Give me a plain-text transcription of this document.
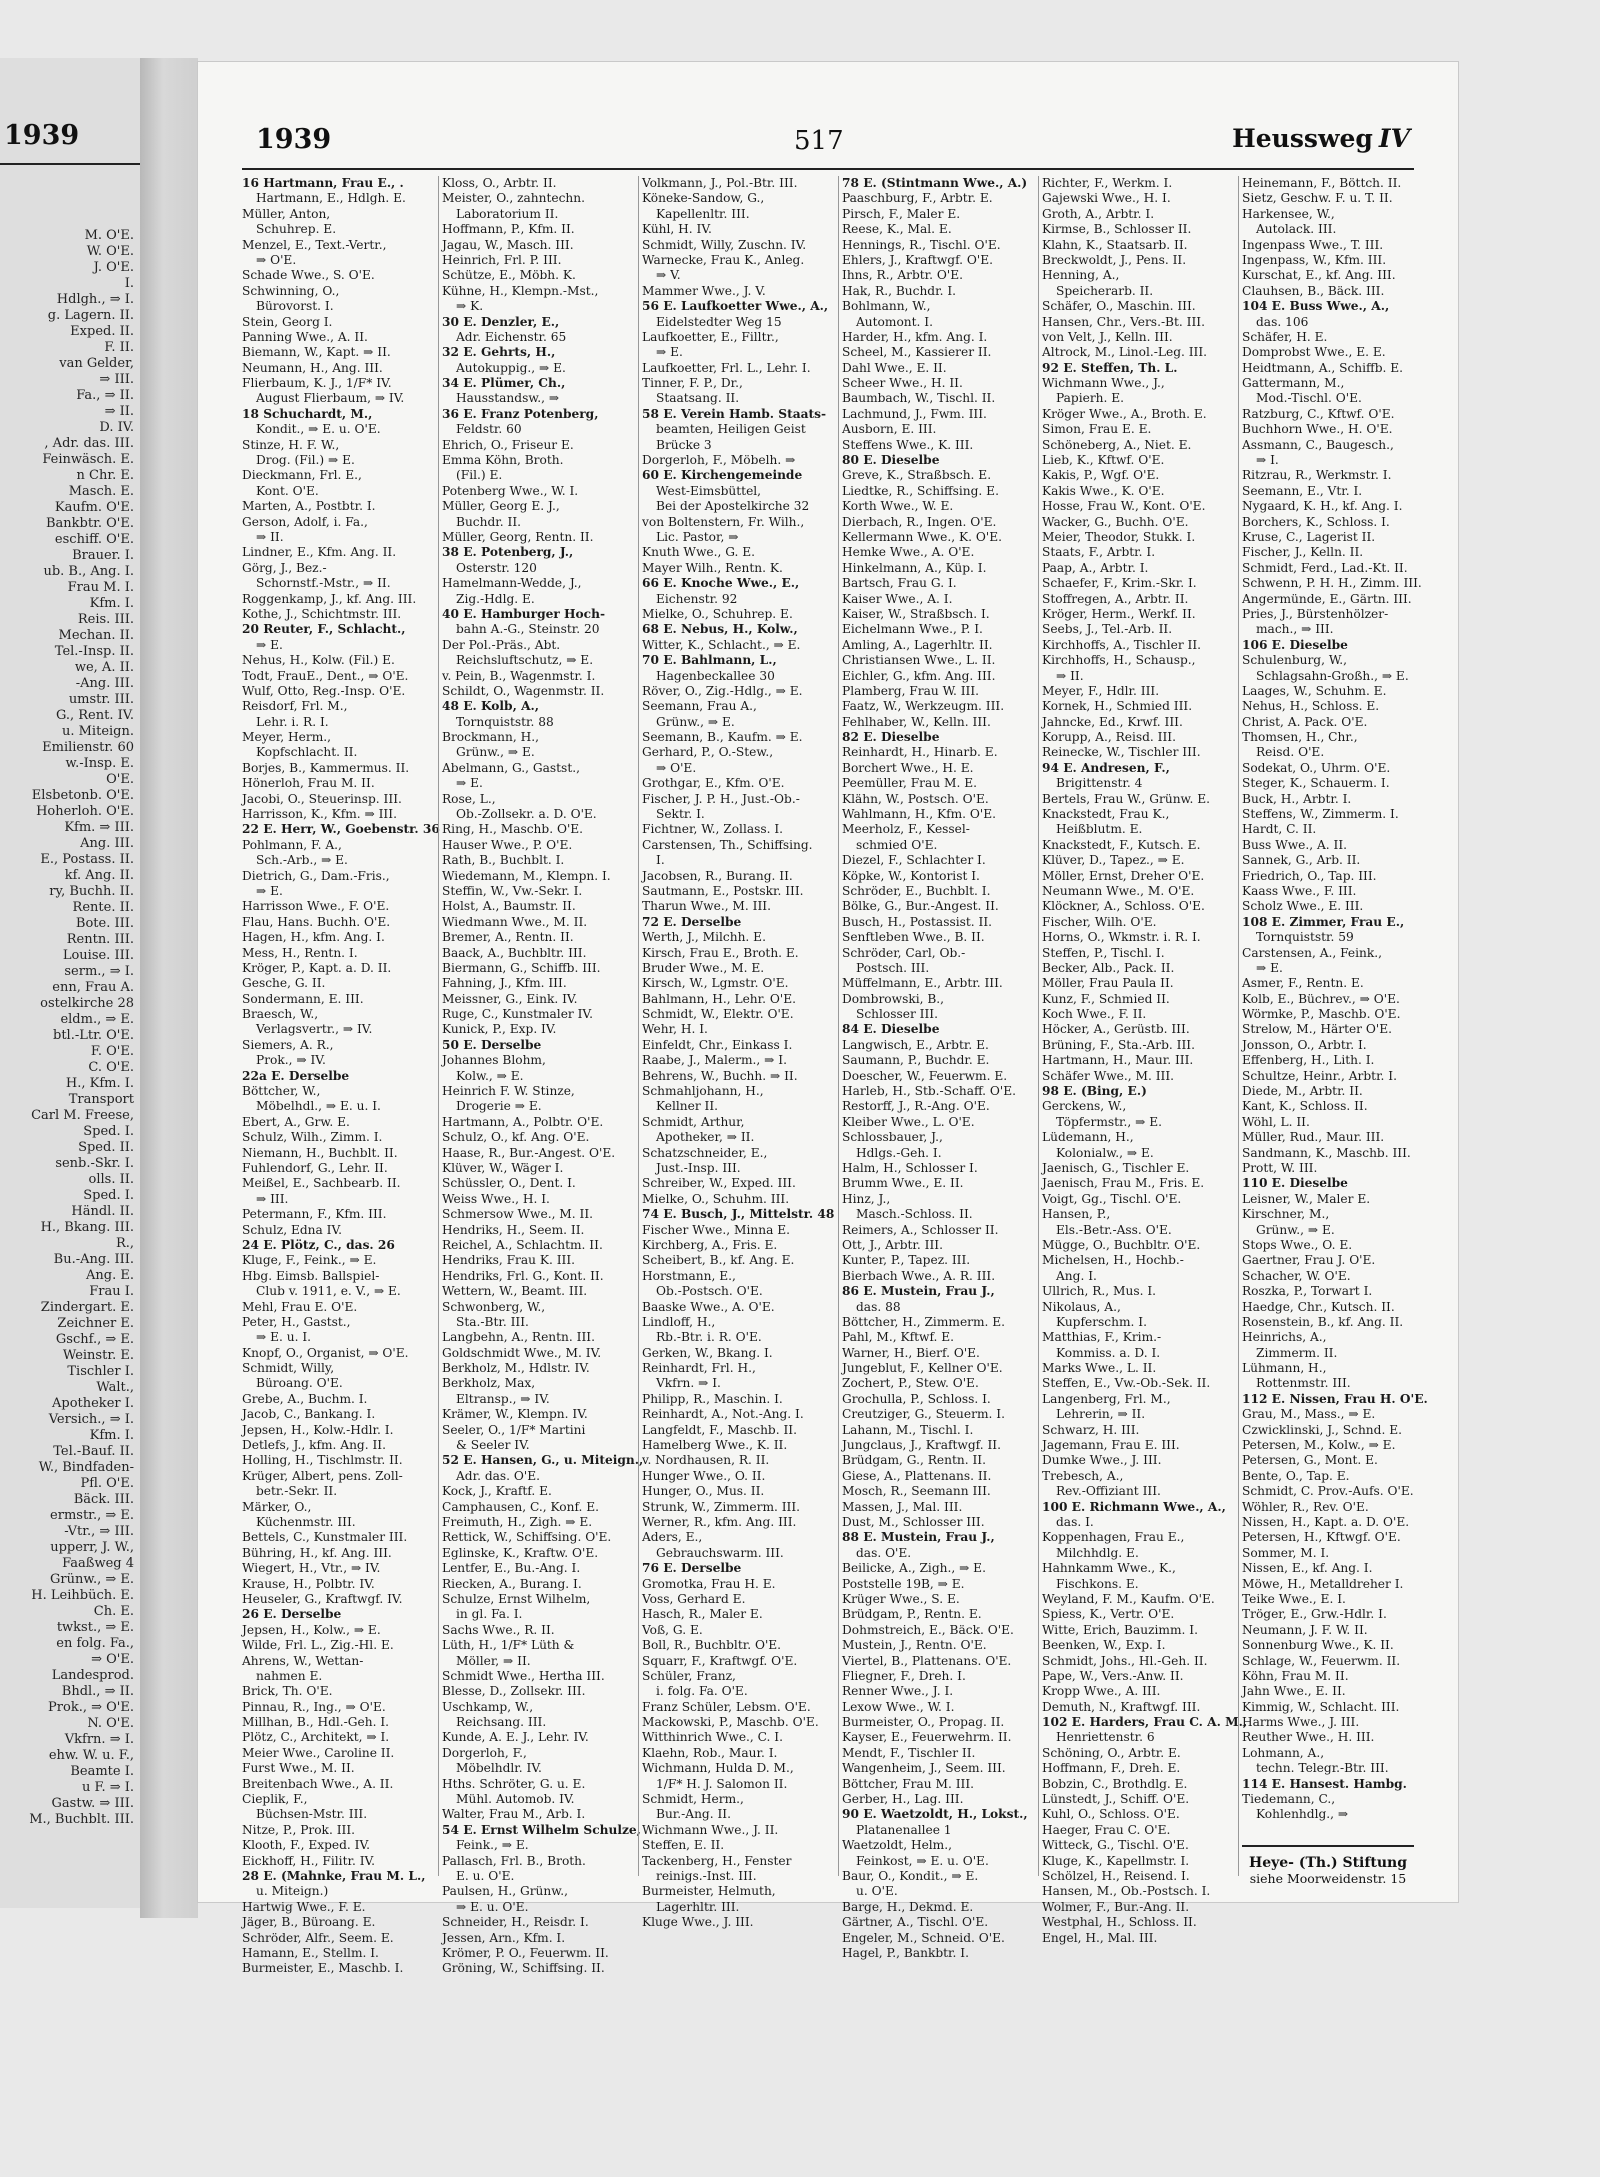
1939
M. O'E.
W. O'E.
J. O'E.
I.
Hdlgh., ⇒ I.
g. Lagern. II.
Exped. II.
F. II.
van Gelder,
⇒ III.
Fa., ⇒ II.
⇒ II.
D. IV.
, Adr. das. III.
Feinwäsch. E.
n Chr. E.
Masch. E.
Kaufm. O'E.
Bankbtr. O'E.
eschiff. O'E.
Brauer. I.
ub. B., Ang. I.
Frau M. I.
Kfm. I.
Reis. III.
Mechan. II.
Tel.-Insp. II.
we, A. II.
-Ang. III.
umstr. III.
G., Rent. IV.
u. Miteign.
Emilienstr. 60
w.-Insp. E.
O'E.
Elsbetonb. O'E.
Hoherloh. O'E.
Kfm. ⇒ III.
Ang. III.
E., Postass. II.
kf. Ang. II.
ry, Buchh. II.
Rente. II.
Bote. III.
Rentn. III.
Louise. III.
serm., ⇒ I.
enn, Frau A.
ostelkirche 28
eldm., ⇒ E.
btl.-Ltr. O'E.
F. O'E.
C. O'E.
H., Kfm. I.
Transport
Carl M. Freese,
Sped. I.
Sped. II.
senb.-Skr. I.
olls. II.
Sped. I.
Händl. II.
H., Bkang. III.
R.,
Bu.-Ang. III.
Ang. E.
Frau I.
Zindergart. E.
Zeichner E.
Gschf., ⇒ E.
Weinstr. E.
Tischler I.
Walt.,
Apotheker I.
Versich., ⇒ I.
Kfm. I.
Tel.-Bauf. II.
W., Bindfaden-
Pfl. O'E.
Bäck. III.
ermstr., ⇒ E.
-Vtr., ⇒ III.
upperr, J. W.,
Faaßweg 4
Grünw., ⇒ E.
H. Leihbüch. E.
Ch. E.
twkst., ⇒ E.
en folg. Fa.,
⇒ O'E.
Landesprod.
Bhdl., ⇒ II.
Prok., ⇒ O'E.
N. O'E.
Vkfrn. ⇒ I.
ehw. W. u. F.,
Beamte I.
u F. ⇒ I.
Gastw. ⇒ III.
M., Buchblt. III.
1939	517	Heussweg IV
16 Hartmann, Frau E., .
Hartmann, E., Hdlgh. E.
Müller, Anton,
Schuhrep. E.
Menzel, E., Text.-Vertr.,
⇒ O'E.
Schade Wwe., S. O'E.
Schwinning, O.,
Bürovorst. I.
Stein, Georg I.
Panning Wwe., A. II.
Biemann, W., Kapt. ⇒ II.
Neumann, H., Ang. III.
Flierbaum, K. J., 1/F* IV.
August Flierbaum, ⇒ IV.
18 Schuchardt, M.,
Kondit., ⇒ E. u. O'E.
Stinze, H. F. W.,
Drog. (Fil.) ⇒ E.
Dieckmann, Frl. E.,
Kont. O'E.
Marten, A., Postbtr. I.
Gerson, Adolf, i. Fa.,
⇒ II.
Lindner, E., Kfm. Ang. II.
Görg, J., Bez.-
Schornstf.-Mstr., ⇒ II.
Roggenkamp, J., kf. Ang. III.
Kothe, J., Schichtmstr. III.
20 Reuter, F., Schlacht.,
⇒ E.
Nehus, H., Kolw. (Fil.) E.
Todt, FrauE., Dent., ⇒ O'E.
Wulf, Otto, Reg.-Insp. O'E.
Reisdorf, Frl. M.,
Lehr. i. R. I.
Meyer, Herm.,
Kopfschlacht. II.
Borjes, B., Kammermus. II.
Hönerloh, Frau M. II.
Jacobi, O., Steuerinsp. III.
Harrisson, K., Kfm. ⇒ III.
22 E. Herr, W., Goebenstr. 36
Pohlmann, F. A.,
Sch.-Arb., ⇒ E.
Dietrich, G., Dam.-Fris.,
⇒ E.
Harrisson Wwe., F. O'E.
Flau, Hans. Buchh. O'E.
Hagen, H., kfm. Ang. I.
Mess, H., Rentn. I.
Kröger, P., Kapt. a. D. II.
Gesche, G. II.
Sondermann, E. III.
Braesch, W.,
Verlagsvertr., ⇒ IV.
Siemers, A. R.,
Prok., ⇒ IV.
22a E. Derselbe
Böttcher, W.,
Möbelhdl., ⇒ E. u. I.
Ebert, A., Grw. E.
Schulz, Wilh., Zimm. I.
Niemann, H., Buchblt. II.
Fuhlendorf, G., Lehr. II.
Meißel, E., Sachbearb. II.
⇒ III.
Petermann, F., Kfm. III.
Schulz, Edna IV.
24 E. Plötz, C., das. 26
Kluge, F., Feink., ⇒ E.
Hbg. Eimsb. Ballspiel-
Club v. 1911, e. V., ⇒ E.
Mehl, Frau E. O'E.
Peter, H., Gastst.,
⇒ E. u. I.
Knopf, O., Organist, ⇒ O'E.
Schmidt, Willy,
Büroang. O'E.
Grebe, A., Buchm. I.
Jacob, C., Bankang. I.
Jepsen, H., Kolw.-Hdlr. I.
Detlefs, J., kfm. Ang. II.
Holling, H., Tischlmstr. II.
Krüger, Albert, pens. Zoll-
betr.-Sekr. II.
Märker, O.,
Küchenmstr. III.
Bettels, C., Kunstmaler III.
Bühring, H., kf. Ang. III.
Wiegert, H., Vtr., ⇒ IV.
Krause, H., Polbtr. IV.
Heuseler, G., Kraftwgf. IV.
26 E. Derselbe
Jepsen, H., Kolw., ⇒ E.
Wilde, Frl. L., Zig.-Hl. E.
Ahrens, W., Wettan-
nahmen E.
Brick, Th. O'E.
Pinnau, R., Ing., ⇒ O'E.
Millhan, B., Hdl.-Geh. I.
Plötz, C., Architekt, ⇒ I.
Meier Wwe., Caroline II.
Furst Wwe., M. II.
Breitenbach Wwe., A. II.
Cieplik, F.,
Büchsen-Mstr. III.
Nitze, P., Prok. III.
Klooth, F., Exped. IV.
Eickhoff, H., Filitr. IV.
28 E. (Mahnke, Frau M. L.,
u. Miteign.)
Hartwig Wwe., F. E.
Jäger, B., Büroang. E.
Schröder, Alfr., Seem. E.
Hamann, E., Stellm. I.
Burmeister, E., Maschb. I.
Kloss, O., Arbtr. II.
Meister, O., zahntechn.
Laboratorium II.
Hoffmann, P., Kfm. II.
Jagau, W., Masch. III.
Heinrich, Frl. P. III.
Schütze, E., Möbh. K.
Kühne, H., Klempn.-Mst.,
⇒ K.
30 E. Denzler, E.,
Adr. Eichenstr. 65
32 E. Gehrts, H.,
Autokuppig., ⇒ E.
34 E. Plümer, Ch.,
Hausstandsw., ⇒
36 E. Franz Potenberg,
Feldstr. 60
Ehrich, O., Friseur E.
Emma Köhn, Broth.
(Fil.) E.
Potenberg Wwe., W. I.
Müller, Georg E. J.,
Buchdr. II.
Müller, Georg, Rentn. II.
38 E. Potenberg, J.,
Osterstr. 120
Hamelmann-Wedde, J.,
Zig.-Hdlg. E.
40 E. Hamburger Hoch-
bahn A.-G., Steinstr. 20
Der Pol.-Präs., Abt.
Reichsluftschutz, ⇒ E.
v. Pein, B., Wagenmstr. I.
Schildt, O., Wagenmstr. II.
48 E. Kolb, A.,
Tornquiststr. 88
Brockmann, H.,
Grünw., ⇒ E.
Abelmann, G., Gastst.,
⇒ E.
Rose, L.,
Ob.-Zollsekr. a. D. O'E.
Ring, H., Maschb. O'E.
Hauser Wwe., P. O'E.
Rath, B., Buchblt. I.
Wiedemann, M., Klempn. I.
Steffin, W., Vw.-Sekr. I.
Holst, A., Baumstr. II.
Wiedmann Wwe., M. II.
Bremer, A., Rentn. II.
Baack, A., Buchbltr. III.
Biermann, G., Schiffb. III.
Fahning, J., Kfm. III.
Meissner, G., Eink. IV.
Ruge, C., Kunstmaler IV.
Kunick, P., Exp. IV.
50 E. Derselbe
Johannes Blohm,
Kolw., ⇒ E.
Heinrich F. W. Stinze,
Drogerie ⇒ E.
Hartmann, A., Polbtr. O'E.
Schulz, O., kf. Ang. O'E.
Haase, R., Bur.-Angest. O'E.
Klüver, W., Wäger I.
Schüssler, O., Dent. I.
Weiss Wwe., H. I.
Schmersow Wwe., M. II.
Hendriks, H., Seem. II.
Reichel, A., Schlachtm. II.
Hendriks, Frau K. III.
Hendriks, Frl. G., Kont. II.
Wettern, W., Beamt. III.
Schwonberg, W.,
Sta.-Btr. III.
Langbehn, A., Rentn. III.
Goldschmidt Wwe., M. IV.
Berkholz, M., Hdlstr. IV.
Berkholz, Max,
Eltransp., ⇒ IV.
Krämer, W., Klempn. IV.
Seeler, O., 1/F* Martini
& Seeler IV.
52 E. Hansen, G., u. Miteign.,
Adr. das. O'E.
Kock, J., Kraftf. E.
Camphausen, C., Konf. E.
Freimuth, H., Zigh. ⇒ E.
Rettick, W., Schiffsing. O'E.
Eglinske, K., Kraftw. O'E.
Lentfer, E., Bu.-Ang. I.
Riecken, A., Burang. I.
Schulze, Ernst Wilhelm,
in gl. Fa. I.
Sachs Wwe., R. II.
Lüth, H., 1/F* Lüth &
Möller, ⇒ II.
Schmidt Wwe., Hertha III.
Blesse, D., Zollsekr. III.
Uschkamp, W.,
Reichsang. III.
Kunde, A. E. J., Lehr. IV.
Dorgerloh, F.,
Möbelhdlr. IV.
Hths. Schröter, G. u. E.
Mühl. Automob. IV.
Walter, Frau M., Arb. I.
54 E. Ernst Wilhelm Schulze,
Feink., ⇒ E.
Pallasch, Frl. B., Broth.
E. u. O'E.
Paulsen, H., Grünw.,
⇒ E. u. O'E.
Schneider, H., Reisdr. I.
Jessen, Arn., Kfm. I.
Krömer, P. O., Feuerwm. II.
Gröning, W., Schiffsing. II.
Volkmann, J., Pol.-Btr. III.
Köneke-Sandow, G.,
Kapellenltr. III.
Kühl, H. IV.
Schmidt, Willy, Zuschn. IV.
Warnecke, Frau K., Anleg.
⇒ V.
Mammer Wwe., J. V.
56 E. Laufkoetter Wwe., A.,
Eidelstedter Weg 15
Laufkoetter, E., Filltr.,
⇒ E.
Laufkoetter, Frl. L., Lehr. I.
Tinner, F. P., Dr.,
Staatsang. II.
58 E. Verein Hamb. Staats-
beamten, Heiligen Geist
Brücke 3
Dorgerloh, F., Möbelh. ⇒
60 E. Kirchengemeinde
West-Eimsbüttel,
Bei der Apostelkirche 32
von Boltenstern, Fr. Wilh.,
Lic. Pastor, ⇒
Knuth Wwe., G. E.
Mayer Wilh., Rentn. K.
66 E. Knoche Wwe., E.,
Eichenstr. 92
Mielke, O., Schuhrep. E.
68 E. Nebus, H., Kolw.,
Witter, K., Schlacht., ⇒ E.
70 E. Bahlmann, L.,
Hagenbeckallee 30
Röver, O., Zig.-Hdlg., ⇒ E.
Seemann, Frau A.,
Grünw., ⇒ E.
Seemann, B., Kaufm. ⇒ E.
Gerhard, P., O.-Stew.,
⇒ O'E.
Grothgar, E., Kfm. O'E.
Fischer, J. P. H., Just.-Ob.-
Sektr. I.
Fichtner, W., Zollass. I.
Carstensen, Th., Schiffsing.
I.
Jacobsen, R., Burang. II.
Sautmann, E., Postskr. III.
Tharun Wwe., M. III.
72 E. Derselbe
Werth, J., Milchh. E.
Kirsch, Frau E., Broth. E.
Bruder Wwe., M. E.
Kirsch, W., Lgmstr. O'E.
Bahlmann, H., Lehr. O'E.
Schmidt, W., Elektr. O'E.
Wehr, H. I.
Einfeldt, Chr., Einkass I.
Raabe, J., Malerm., ⇒ I.
Behrens, W., Buchh. ⇒ II.
Schmahljohann, H.,
Kellner II.
Schmidt, Arthur,
Apotheker, ⇒ II.
Schatzschneider, E.,
Just.-Insp. III.
Schreiber, W., Exped. III.
Mielke, O., Schuhm. III.
74 E. Busch, J., Mittelstr. 48
Fischer Wwe., Minna E.
Kirchberg, A., Fris. E.
Scheibert, B., kf. Ang. E.
Horstmann, E.,
Ob.-Postsch. O'E.
Baaske Wwe., A. O'E.
Lindloff, H.,
Rb.-Btr. i. R. O'E.
Gerken, W., Bkang. I.
Reinhardt, Frl. H.,
Vkfrn. ⇒ I.
Philipp, R., Maschin. I.
Reinhardt, A., Not.-Ang. I.
Langfeldt, F., Maschb. II.
Hamelberg Wwe., K. II.
v. Nordhausen, R. II.
Hunger Wwe., O. II.
Hunger, O., Mus. II.
Strunk, W., Zimmerm. III.
Werner, R., kfm. Ang. III.
Aders, E.,
Gebrauchswarm. III.
76 E. Derselbe
Gromotka, Frau H. E.
Voss, Gerhard E.
Hasch, R., Maler E.
Voß, G. E.
Boll, R., Buchbltr. O'E.
Squarr, F., Kraftwgf. O'E.
Schüler, Franz,
i. folg. Fa. O'E.
Franz Schüler, Lebsm. O'E.
Mackowski, P., Maschb. O'E.
Witthinrich Wwe., C. I.
Klaehn, Rob., Maur. I.
Wichmann, Hulda D. M.,
1/F* H. J. Salomon II.
Schmidt, Herm.,
Bur.-Ang. II.
Wichmann Wwe., J. II.
Steffen, E. II.
Tackenberg, H., Fenster
reinigs.-Inst. III.
Burmeister, Helmuth,
Lagerhltr. III.
Kluge Wwe., J. III.
78 E. (Stintmann Wwe., A.)
Paaschburg, F., Arbtr. E.
Pirsch, F., Maler E.
Reese, K., Mal. E.
Hennings, R., Tischl. O'E.
Ehlers, J., Kraftwgf. O'E.
Ihns, R., Arbtr. O'E.
Hak, R., Buchdr. I.
Bohlmann, W.,
Automont. I.
Harder, H., kfm. Ang. I.
Scheel, M., Kassierer II.
Dahl Wwe., E. II.
Scheer Wwe., H. II.
Baumbach, W., Tischl. II.
Lachmund, J., Fwm. III.
Ausborn, E. III.
Steffens Wwe., K. III.
80 E. Dieselbe
Greve, K., Straßbsch. E.
Liedtke, R., Schiffsing. E.
Korth Wwe., W. E.
Dierbach, R., Ingen. O'E.
Kellermann Wwe., K. O'E.
Hemke Wwe., A. O'E.
Hinkelmann, A., Küp. I.
Bartsch, Frau G. I.
Kaiser Wwe., A. I.
Kaiser, W., Straßbsch. I.
Eichelmann Wwe., P. I.
Amling, A., Lagerhltr. II.
Christiansen Wwe., L. II.
Eichler, G., kfm. Ang. III.
Plamberg, Frau W. III.
Faatz, W., Werkzeugm. III.
Fehlhaber, W., Kelln. III.
82 E. Dieselbe
Reinhardt, H., Hinarb. E.
Borchert Wwe., H. E.
Peemüller, Frau M. E.
Klähn, W., Postsch. O'E.
Wahlmann, H., Kfm. O'E.
Meerholz, F., Kessel-
schmied O'E.
Diezel, F., Schlachter I.
Köpke, W., Kontorist I.
Schröder, E., Buchblt. I.
Bölke, G., Bur.-Angest. II.
Busch, H., Postassist. II.
Senftleben Wwe., B. II.
Schröder, Carl, Ob.-
Postsch. III.
Müffelmann, E., Arbtr. III.
Dombrowski, B.,
Schlosser III.
84 E. Dieselbe
Langwisch, E., Arbtr. E.
Saumann, P., Buchdr. E.
Doescher, W., Feuerwm. E.
Harleb, H., Stb.-Schaff. O'E.
Restorff, J., R.-Ang. O'E.
Kleiber Wwe., L. O'E.
Schlossbauer, J.,
Hdlgs.-Geh. I.
Halm, H., Schlosser I.
Brumm Wwe., E. II.
Hinz, J.,
Masch.-Schloss. II.
Reimers, A., Schlosser II.
Ott, J., Arbtr. III.
Kunter, P., Tapez. III.
Bierbach Wwe., A. R. III.
86 E. Mustein, Frau J.,
das. 88
Böttcher, H., Zimmerm. E.
Pahl, M., Kftwf. E.
Warner, H., Bierf. O'E.
Jungeblut, F., Kellner O'E.
Zochert, P., Stew. O'E.
Grochulla, P., Schloss. I.
Creutziger, G., Steuerm. I.
Lahann, M., Tischl. I.
Jungclaus, J., Kraftwgf. II.
Brüdgam, G., Rentn. II.
Giese, A., Plattenans. II.
Mosch, R., Seemann III.
Massen, J., Mal. III.
Dust, M., Schlosser III.
88 E. Mustein, Frau J.,
das. O'E.
Beilicke, A., Zigh., ⇒ E.
Poststelle 19B, ⇒ E.
Krüger Wwe., S. E.
Brüdgam, P., Rentn. E.
Dohmstreich, E., Bäck. O'E.
Mustein, J., Rentn. O'E.
Viertel, B., Plattenans. O'E.
Fliegner, F., Dreh. I.
Renner Wwe., J. I.
Lexow Wwe., W. I.
Burmeister, O., Propag. II.
Kayser, E., Feuerwehrm. II.
Mendt, F., Tischler II.
Wangenheim, J., Seem. III.
Böttcher, Frau M. III.
Gerber, H., Lag. III.
90 E. Waetzoldt, H., Lokst.,
Platanenallee 1
Waetzoldt, Helm.,
Feinkost, ⇒ E. u. O'E.
Baur, O., Kondit., ⇒ E.
u. O'E.
Barge, H., Dekmd. E.
Gärtner, A., Tischl. O'E.
Engeler, M., Schneid. O'E.
Hagel, P., Bankbtr. I.
Richter, F., Werkm. I.
Gajewski Wwe., H. I.
Groth, A., Arbtr. I.
Kirmse, B., Schlosser II.
Klahn, K., Staatsarb. II.
Breckwoldt, J., Pens. II.
Henning, A.,
Speicherarb. II.
Schäfer, O., Maschin. III.
Hansen, Chr., Vers.-Bt. III.
von Velt, J., Kelln. III.
Altrock, M., Linol.-Leg. III.
92 E. Steffen, Th. L.
Wichmann Wwe., J.,
Papierh. E.
Kröger Wwe., A., Broth. E.
Simon, Frau E. E.
Schöneberg, A., Niet. E.
Lieb, K., Kftwf. O'E.
Kakis, P., Wgf. O'E.
Kakis Wwe., K. O'E.
Hosse, Frau W., Kont. O'E.
Wacker, G., Buchh. O'E.
Meier, Theodor, Stukk. I.
Staats, F., Arbtr. I.
Paap, A., Arbtr. I.
Schaefer, F., Krim.-Skr. I.
Stoffregen, A., Arbtr. II.
Kröger, Herm., Werkf. II.
Seebs, J., Tel.-Arb. II.
Kirchhoffs, A., Tischler II.
Kirchhoffs, H., Schausp.,
⇒ II.
Meyer, F., Hdlr. III.
Kornek, H., Schmied III.
Jahncke, Ed., Krwf. III.
Korupp, A., Reisd. III.
Reinecke, W., Tischler III.
94 E. Andresen, F.,
Brigittenstr. 4
Bertels, Frau W., Grünw. E.
Knackstedt, Frau K.,
Heißblutm. E.
Knackstedt, F., Kutsch. E.
Klüver, D., Tapez., ⇒ E.
Möller, Ernst, Dreher O'E.
Neumann Wwe., M. O'E.
Klöckner, A., Schloss. O'E.
Fischer, Wilh. O'E.
Horns, O., Wkmstr. i. R. I.
Steffen, P., Tischl. I.
Becker, Alb., Pack. II.
Möller, Frau Paula II.
Kunz, F., Schmied II.
Koch Wwe., F. II.
Höcker, A., Gerüstb. III.
Brüning, F., Sta.-Arb. III.
Hartmann, H., Maur. III.
Schäfer Wwe., M. III.
98 E. (Bing, E.)
Gerckens, W.,
Töpfermstr., ⇒ E.
Lüdemann, H.,
Kolonialw., ⇒ E.
Jaenisch, G., Tischler E.
Jaenisch, Frau M., Fris. E.
Voigt, Gg., Tischl. O'E.
Hansen, P.,
Els.-Betr.-Ass. O'E.
Mügge, O., Buchbltr. O'E.
Michelsen, H., Hochb.-
Ang. I.
Ullrich, R., Mus. I.
Nikolaus, A.,
Kupferschm. I.
Matthias, F., Krim.-
Kommiss. a. D. I.
Marks Wwe., L. II.
Steffen, E., Vw.-Ob.-Sek. II.
Langenberg, Frl. M.,
Lehrerin, ⇒ II.
Schwarz, H. III.
Jagemann, Frau E. III.
Dumke Wwe., J. III.
Trebesch, A.,
Rev.-Offiziant III.
100 E. Richmann Wwe., A.,
das. I.
Koppenhagen, Frau E.,
Milchhdlg. E.
Hahnkamm Wwe., K.,
Fischkons. E.
Weyland, F. M., Kaufm. O'E.
Spiess, K., Vertr. O'E.
Witte, Erich, Bauzimm. I.
Beenken, W., Exp. I.
Schmidt, Johs., Hl.-Geh. II.
Pape, W., Vers.-Anw. II.
Kropp Wwe., A. III.
Demuth, N., Kraftwgf. III.
102 E. Harders, Frau C. A. M.,
Henriettenstr. 6
Schöning, O., Arbtr. E.
Hoffmann, F., Dreh. E.
Bobzin, C., Brothdlg. E.
Lünstedt, J., Schiff. O'E.
Kuhl, O., Schloss. O'E.
Haeger, Frau C. O'E.
Witteck, G., Tischl. O'E.
Kluge, K., Kapellmstr. I.
Schölzel, H., Reisend. I.
Hansen, M., Ob.-Postsch. I.
Wolmer, F., Bur.-Ang. II.
Westphal, H., Schloss. II.
Engel, H., Mal. III.
Heinemann, F., Böttch. II.
Sietz, Geschw. F. u. T. II.
Harkensee, W.,
Autolack. III.
Ingenpass Wwe., T. III.
Ingenpass, W., Kfm. III.
Kurschat, E., kf. Ang. III.
Clauhsen, B., Bäck. III.
104 E. Buss Wwe., A.,
das. 106
Schäfer, H. E.
Domprobst Wwe., E. E.
Heidtmann, A., Schiffb. E.
Gattermann, M.,
Mod.-Tischl. O'E.
Ratzburg, C., Kftwf. O'E.
Buchhorn Wwe., H. O'E.
Assmann, C., Baugesch.,
⇒ I.
Ritzrau, R., Werkmstr. I.
Seemann, E., Vtr. I.
Nygaard, K. H., kf. Ang. I.
Borchers, K., Schloss. I.
Kruse, C., Lagerist II.
Fischer, J., Kelln. II.
Schmidt, Ferd., Lad.-Kt. II.
Schwenn, P. H. H., Zimm. III.
Angermünde, E., Gärtn. III.
Pries, J., Bürstenhölzer-
mach., ⇒ III.
106 E. Dieselbe
Schulenburg, W.,
Schlagsahn-Großh., ⇒ E.
Laages, W., Schuhm. E.
Nehus, H., Schloss. E.
Christ, A. Pack. O'E.
Thomsen, H., Chr.,
Reisd. O'E.
Sodekat, O., Uhrm. O'E.
Steger, K., Schauerm. I.
Buck, H., Arbtr. I.
Steffens, W., Zimmerm. I.
Hardt, C. II.
Buss Wwe., A. II.
Sannek, G., Arb. II.
Friedrich, O., Tap. III.
Kaass Wwe., F. III.
Scholz Wwe., E. III.
108 E. Zimmer, Frau E.,
Tornquiststr. 59
Carstensen, A., Feink.,
⇒ E.
Asmer, F., Rentn. E.
Kolb, E., Büchrev., ⇒ O'E.
Wörmke, P., Maschb. O'E.
Strelow, M., Härter O'E.
Jonsson, O., Arbtr. I.
Effenberg, H., Lith. I.
Schultze, Heinr., Arbtr. I.
Diede, M., Arbtr. II.
Kant, K., Schloss. II.
Wöhl, L. II.
Müller, Rud., Maur. III.
Sandmann, K., Maschb. III.
Prott, W. III.
110 E. Dieselbe
Leisner, W., Maler E.
Kirschner, M.,
Grünw., ⇒ E.
Stops Wwe., O. E.
Gaertner, Frau J. O'E.
Schacher, W. O'E.
Roszka, P., Torwart I.
Haedge, Chr., Kutsch. II.
Rosenstein, B., kf. Ang. II.
Heinrichs, A.,
Zimmerm. II.
Lühmann, H.,
Rottenmstr. III.
112 E. Nissen, Frau H. O'E.
Grau, M., Mass., ⇒ E.
Czwicklinski, J., Schnd. E.
Petersen, M., Kolw., ⇒ E.
Petersen, G., Mont. E.
Bente, O., Tap. E.
Schmidt, C. Prov.-Aufs. O'E.
Wöhler, R., Rev. O'E.
Nissen, H., Kapt. a. D. O'E.
Petersen, H., Kftwgf. O'E.
Sommer, M. I.
Nissen, E., kf. Ang. I.
Möwe, H., Metalldreher I.
Teike Wwe., E. I.
Tröger, E., Grw.-Hdlr. I.
Neumann, J. F. W. II.
Sonnenburg Wwe., K. II.
Schlage, W., Feuerwm. II.
Köhn, Frau M. II.
Jahn Wwe., E. II.
Kimmig, W., Schlacht. III.
Harms Wwe., J. III.
Reuther Wwe., H. III.
Lohmann, A.,
techn. Telegr.-Btr. III.
114 E. Hansest. Hambg.
Tiedemann, C.,
Kohlenhdlg., ⇒
Heye- (Th.) Stiftung
siehe Moorweidenstr. 15
